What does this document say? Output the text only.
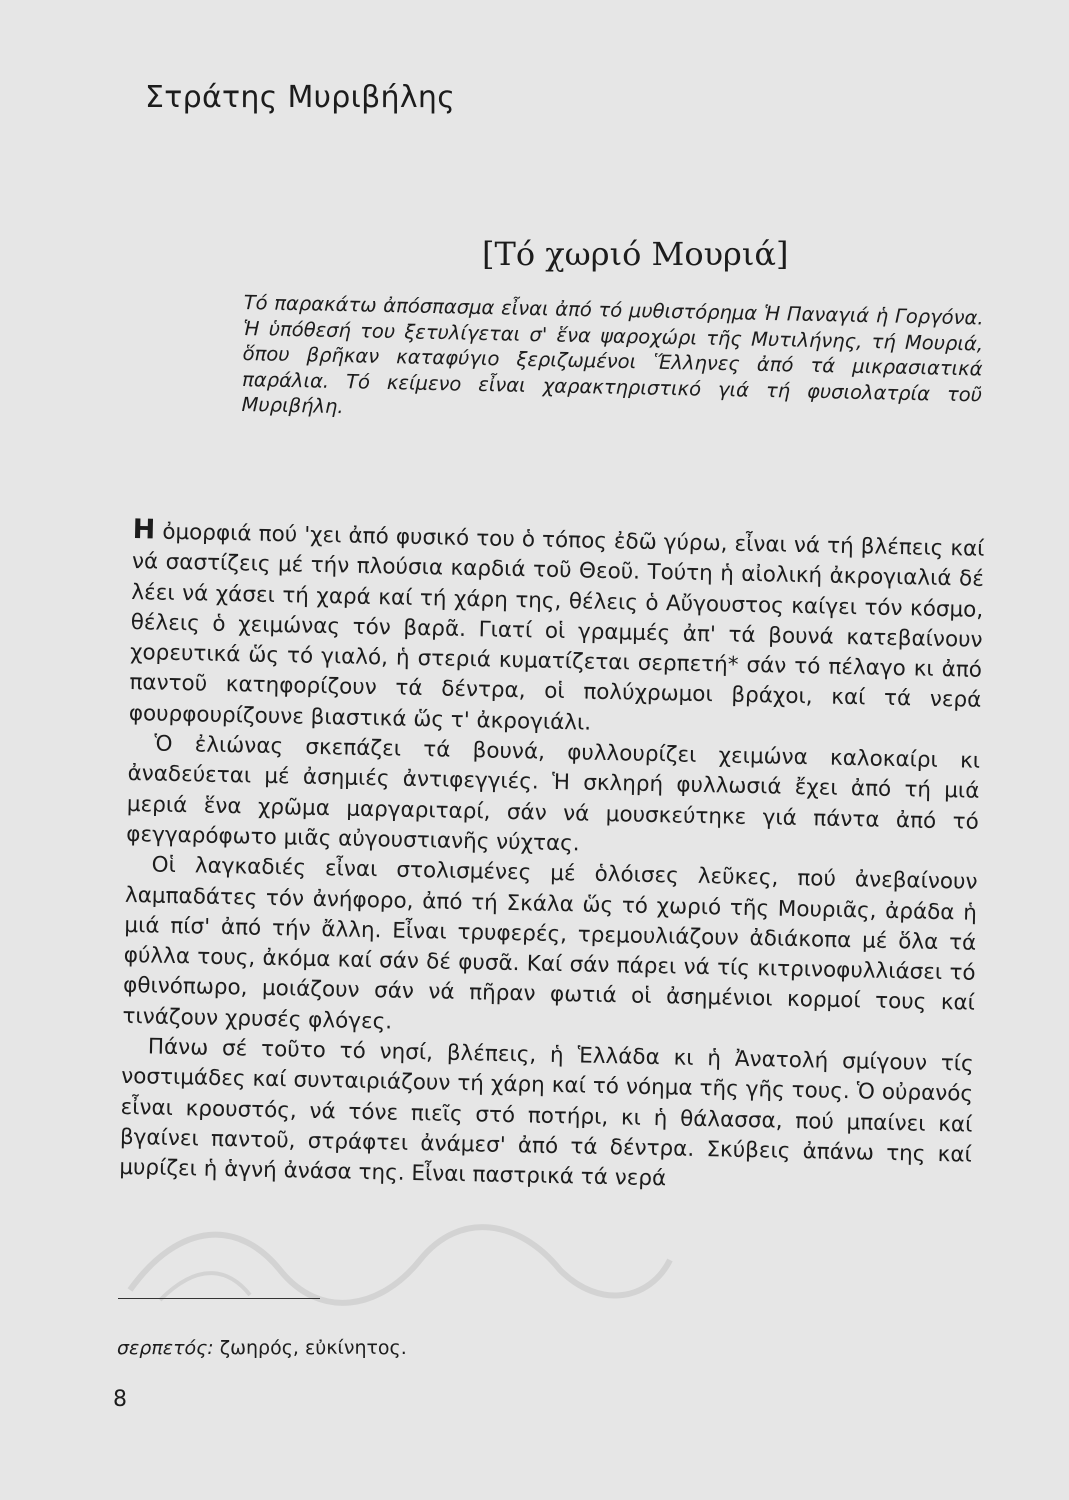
Στράτης Μυριβήλης
[Τό χωριό Μουριά]
Τό παρακάτω ἀπόσπασμα εἶναι ἀπό τό μυθιστόρημα Ἡ Παναγιά ἡ Γοργόνα. Ἡ ὑπόθεσή του ξετυλίγεται σ' ἕνα ψαροχώρι τῆς Μυτιλήνης, τή Μουριά, ὅπου βρῆκαν καταφύγιο ξεριζωμένοι Ἕλληνες ἀπό τά μικρασιατικά παράλια. Τό κείμενο εἶναι χαρακτηριστικό γιά τή φυσιολατρία τοῦ Μυριβήλη.

Η ὀμορφιά πού 'χει ἀπό φυσικό του ὁ τόπος ἐδῶ γύρω, εἶναι νά τή βλέπεις καί νά σαστίζεις μέ τήν πλούσια καρδιά τοῦ Θεοῦ. Τούτη ἡ αἰολική ἀκρογιαλιά δέ λέει νά χάσει τή χαρά καί τή χάρη της, θέλεις ὁ Αὔγουστος καίγει τόν κόσμο, θέλεις ὁ χειμώνας τόν βαρᾶ. Γιατί οἱ γραμμές ἀπ' τά βουνά κατεβαίνουν χορευτικά ὥς τό γιαλό, ἡ στεριά κυματίζεται σερπετή* σάν τό πέλαγο κι ἀπό παντοῦ κατηφορίζουν τά δέντρα, οἱ πολύχρωμοι βράχοι, καί τά νερά φουρφουρίζουνε βιαστικά ὥς τ' ἀκρογιάλι.

Ὁ ἐλιώνας σκεπάζει τά βουνά, φυλλουρίζει χειμώνα καλοκαίρι κι ἀναδεύεται μέ ἀσημιές ἀντιφεγγιές. Ἡ σκληρή φυλλωσιά ἔχει ἀπό τή μιά μεριά ἕνα χρῶμα μαργαριταρί, σάν νά μουσκεύτηκε γιά πάντα ἀπό τό φεγγαρόφωτο μιᾶς αὐγουστιανῆς νύχτας.

Οἱ λαγκαδιές εἶναι στολισμένες μέ ὁλόισες λεῦκες, πού ἀνεβαίνουν λαμπαδάτες τόν ἀνήφορο, ἀπό τή Σκάλα ὥς τό χωριό τῆς Μουριᾶς, ἀράδα ἡ μιά πίσ' ἀπό τήν ἄλλη. Εἶναι τρυφερές, τρεμουλιάζουν ἀδιάκοπα μέ ὅλα τά φύλλα τους, ἀκόμα καί σάν δέ φυσᾶ. Καί σάν πάρει νά τίς κιτρινοφυλλιάσει τό φθινόπωρο, μοιάζουν σάν νά πῆραν φωτιά οἱ ἀσημένιοι κορμοί τους καί τινάζουν χρυσές φλόγες.

Πάνω σέ τοῦτο τό νησί, βλέπεις, ἡ Ἑλλάδα κι ἡ Ἀνατολή σμίγουν τίς νοστιμάδες καί συνταιριάζουν τή χάρη καί τό νόημα τῆς γῆς τους. Ὁ οὐρανός εἶναι κρουστός, νά τόνε πιεῖς στό ποτήρι, κι ἡ θάλασσα, πού μπαίνει καί βγαίνει παντοῦ, στράφτει ἀνάμεσ' ἀπό τά δέντρα. Σκύβεις ἀπάνω της καί μυρίζει ἡ ἁγνή ἀνάσα της. Εἶναι παστρικά τά νερά

σερπετός: ζωηρός, εὐκίνητος.
8
